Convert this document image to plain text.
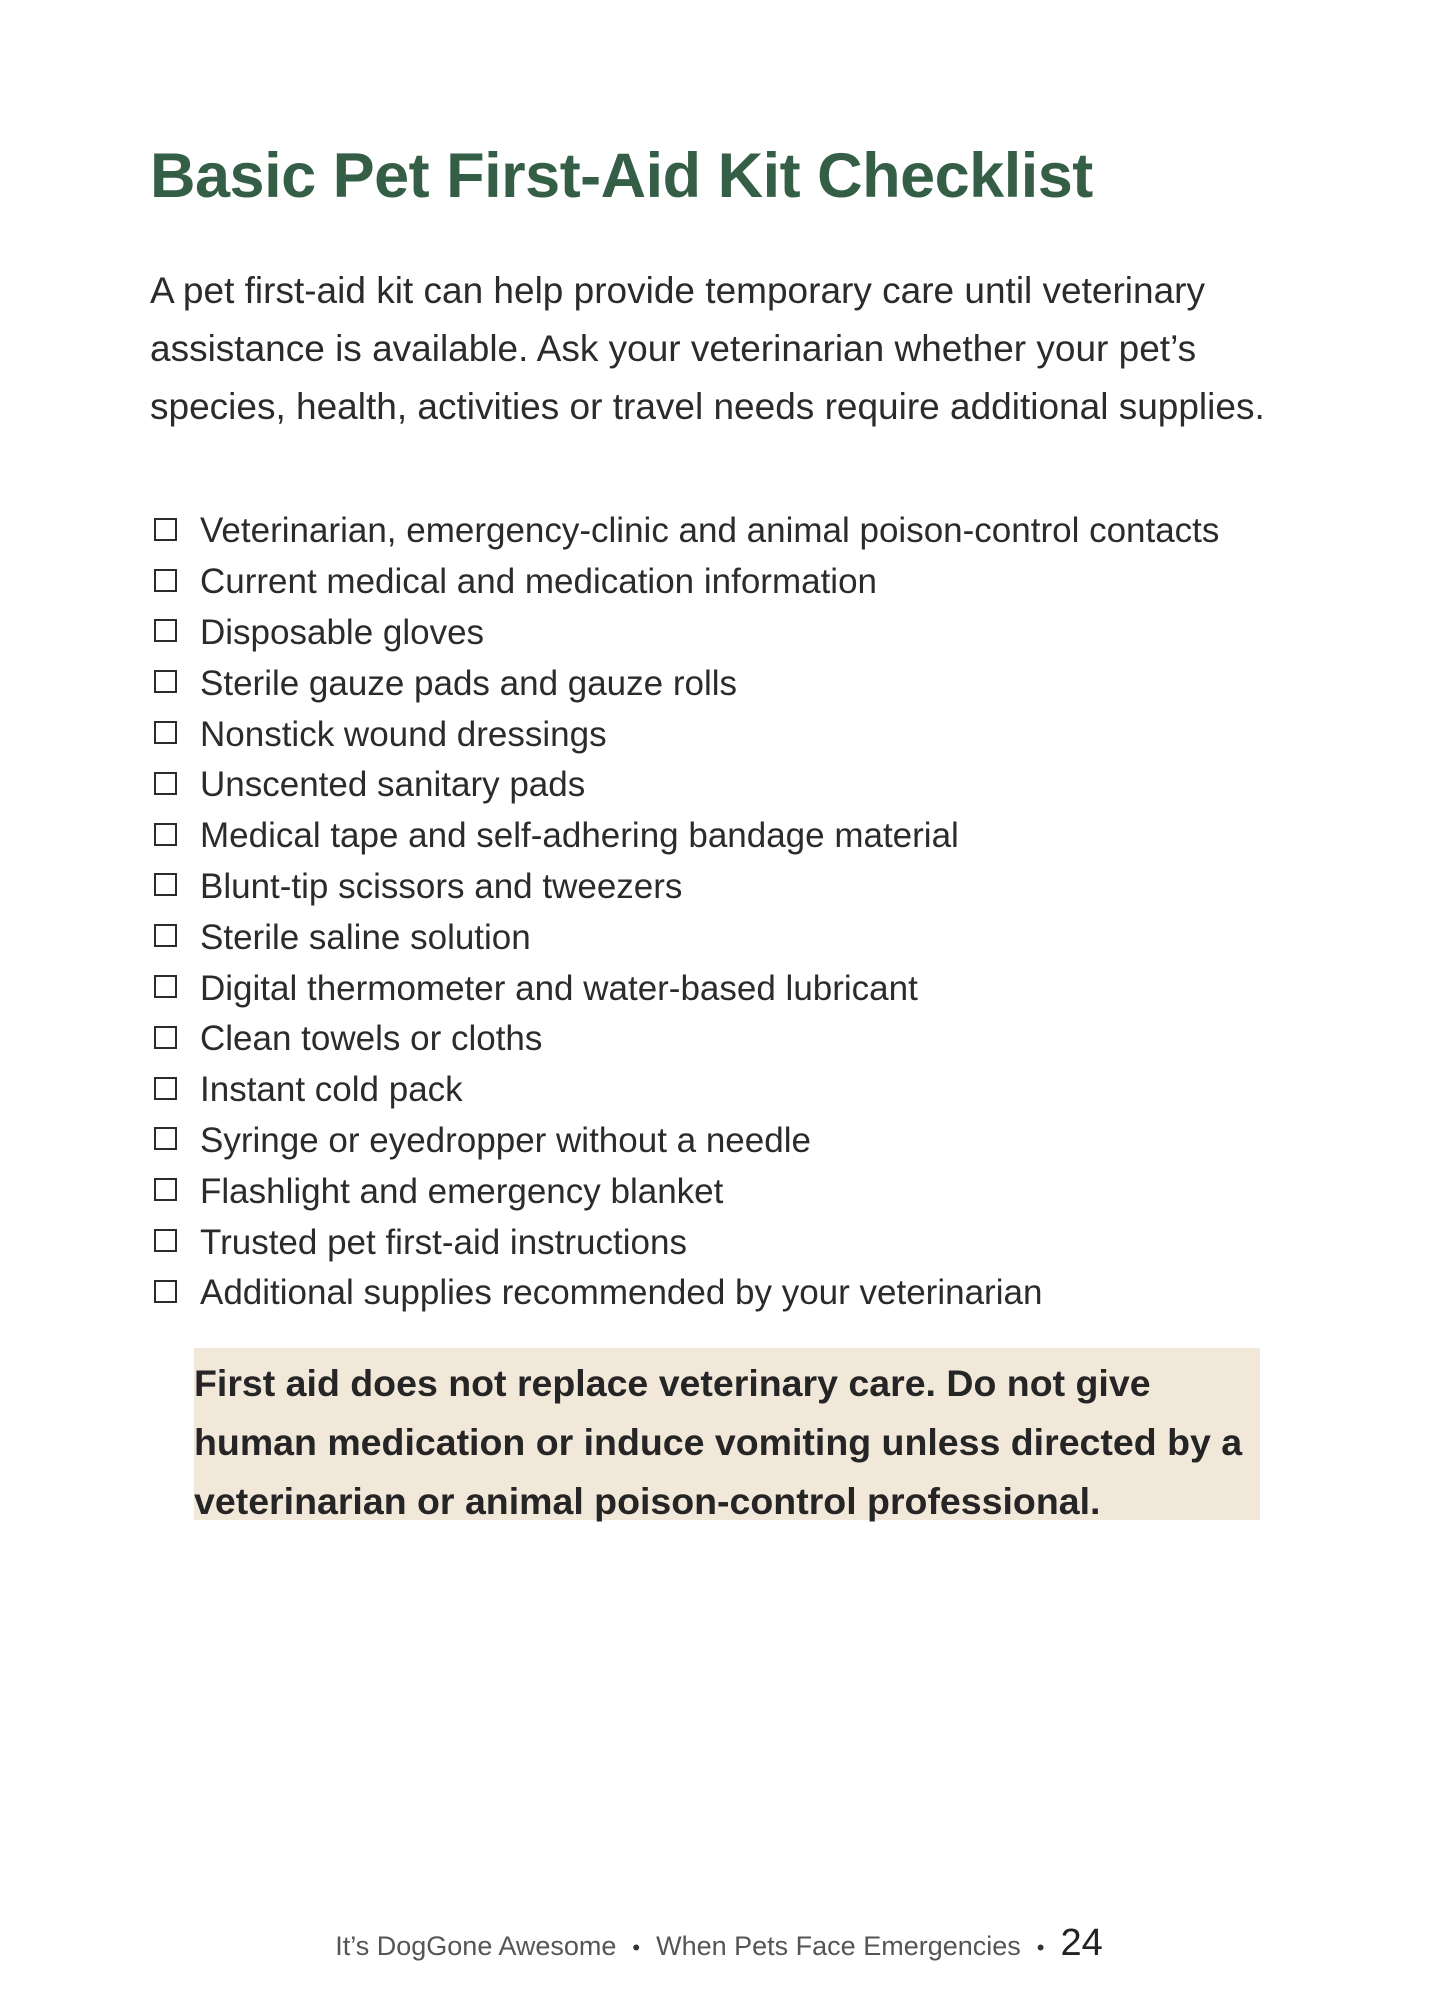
Basic Pet First-Aid Kit Checklist

A pet first-aid kit can help provide temporary care until veterinary assistance is available. Ask your veterinarian whether your pet’s species, health, activities or travel needs require additional supplies.

Veterinarian, emergency-clinic and animal poison-control contacts
Current medical and medication information
Disposable gloves
Sterile gauze pads and gauze rolls
Nonstick wound dressings
Unscented sanitary pads
Medical tape and self-adhering bandage material
Blunt-tip scissors and tweezers
Sterile saline solution
Digital thermometer and water-based lubricant
Clean towels or cloths
Instant cold pack
Syringe or eyedropper without a needle
Flashlight and emergency blanket
Trusted pet first-aid instructions
Additional supplies recommended by your veterinarian
First aid does not replace veterinary care. Do not give human medication or induce vomiting unless directed by a veterinarian or animal poison-control professional.
It’s DogGone Awesome • When Pets Face Emergencies • 24
